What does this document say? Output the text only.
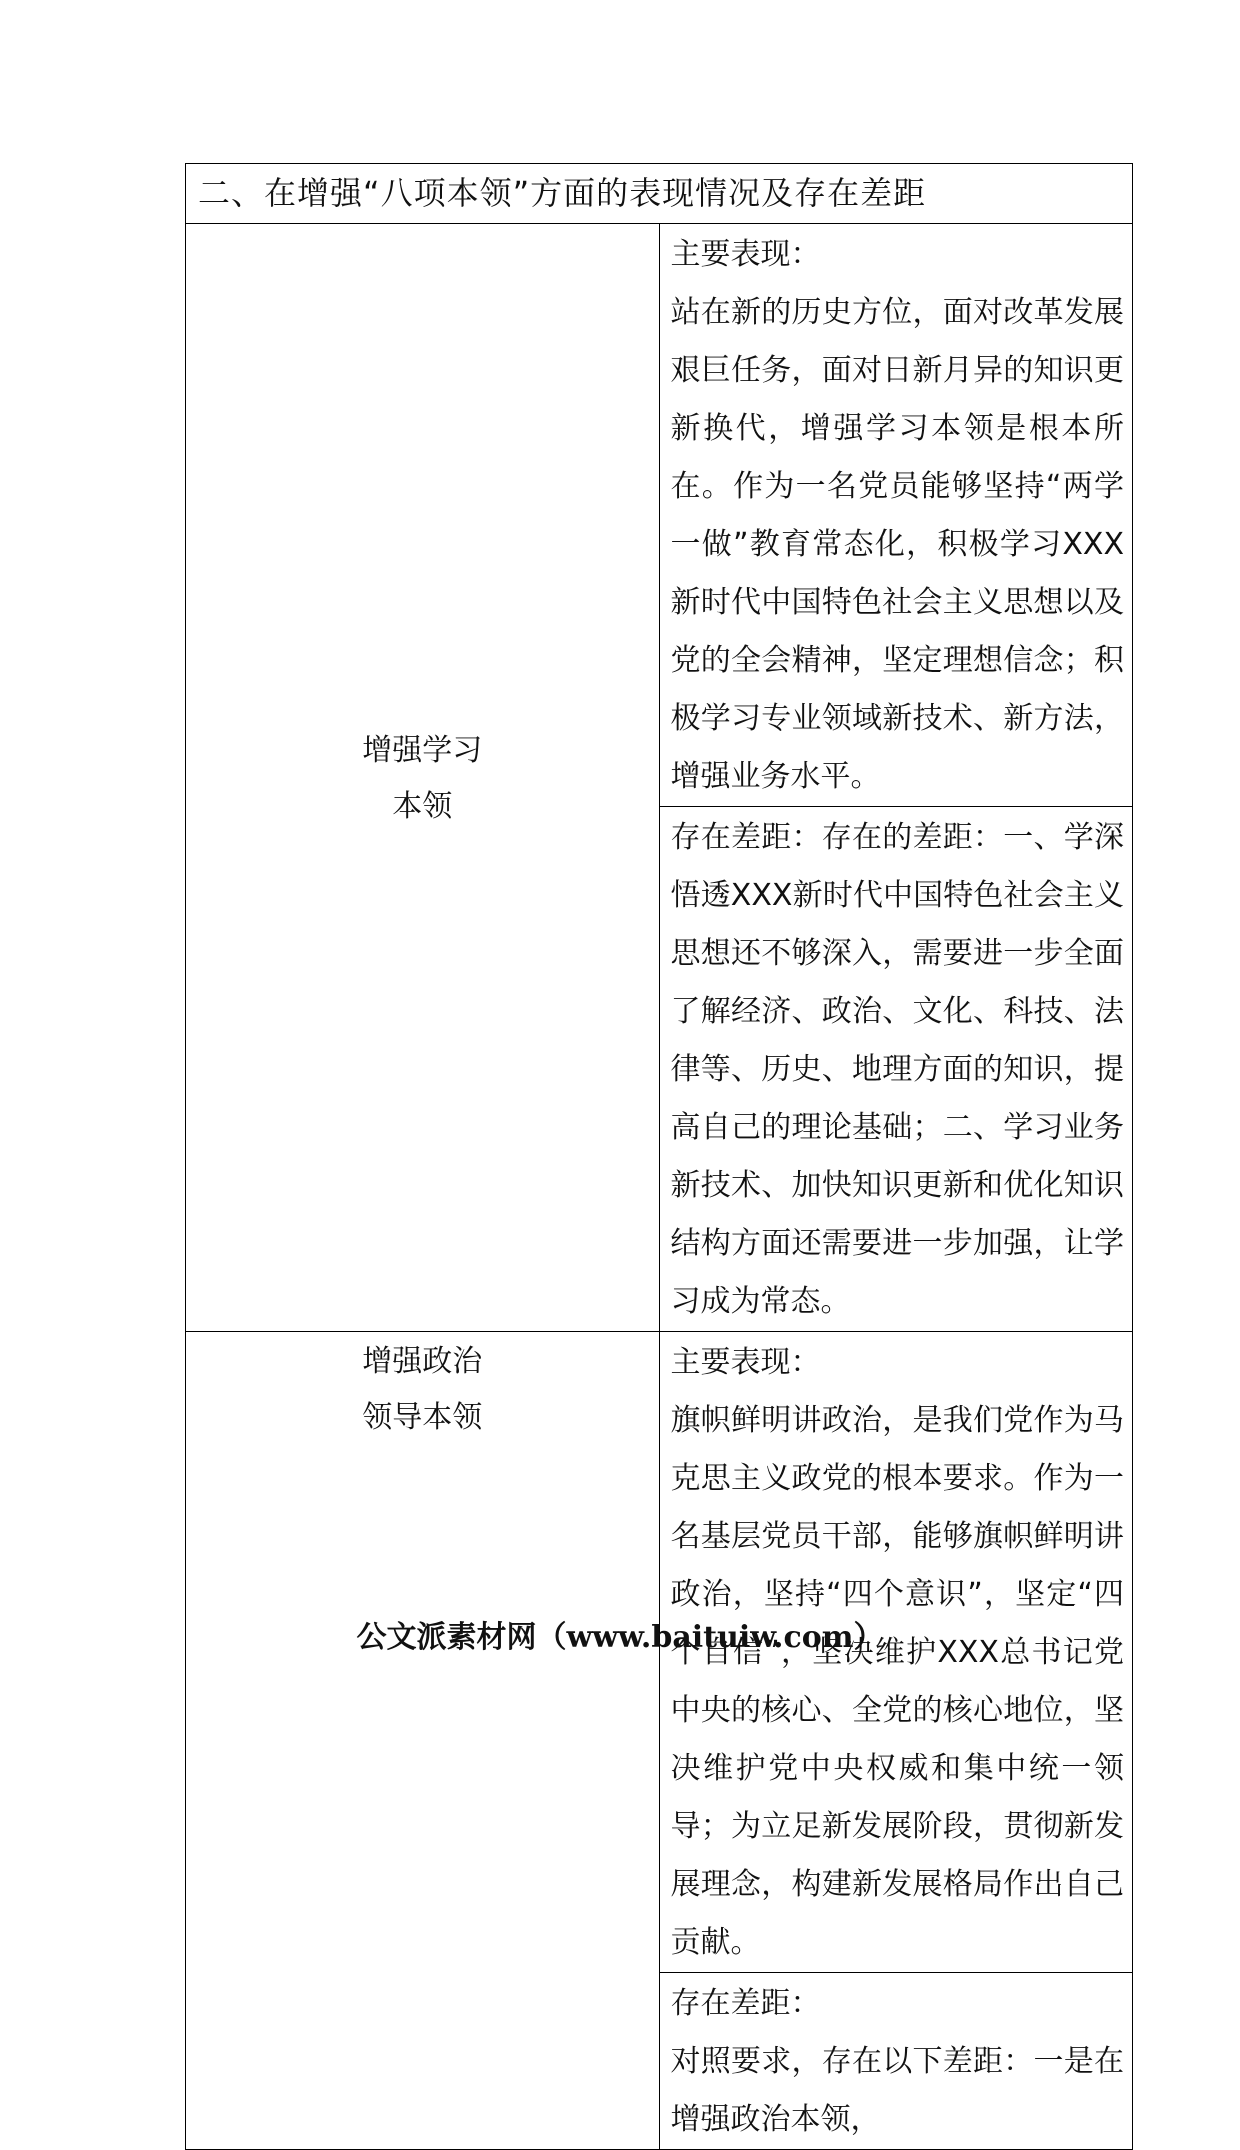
二、在增强“八项本领”方面的表现情况及存在差距	
增强学习本领	主要表现：
站在新的历史方位，面对改革发展艰巨任务，面对日新月异的知识更新换代，增强学习本领是根本所在。作为一名党员能够坚持“两学一做”教育常态化，积极学习XXX新时代中国特色社会主义思想以及党的全会精神，坚定理想信念；积极学习专业领域新技术、新方法，增强业务水平。
	存在差距：存在的差距：一、学深悟透XXX新时代中国特色社会主义思想还不够深入，需要进一步全面了解经济、政治、文化、科技、法律等、历史、地理方面的知识，提高自己的理论基础；二、学习业务新技术、加快知识更新和优化知识结构方面还需要进一步加强，让学习成为常态。
增强政治领导本领	主要表现：
旗帜鲜明讲政治，是我们党作为马克思主义政党的根本要求。作为一名基层党员干部，能够旗帜鲜明讲政治，坚持“四个意识”，坚定“四个自信”，坚决维护XXX总书记党中央的核心、全党的核心地位，坚决维护党中央权威和集中统一领导；为立足新发展阶段，贯彻新发展理念，构建新发展格局作出自己贡献。

	存在差距：
对照要求，存在以下差距：一是在增强政治本领，
公文派素材网（www.baituiw.com）
